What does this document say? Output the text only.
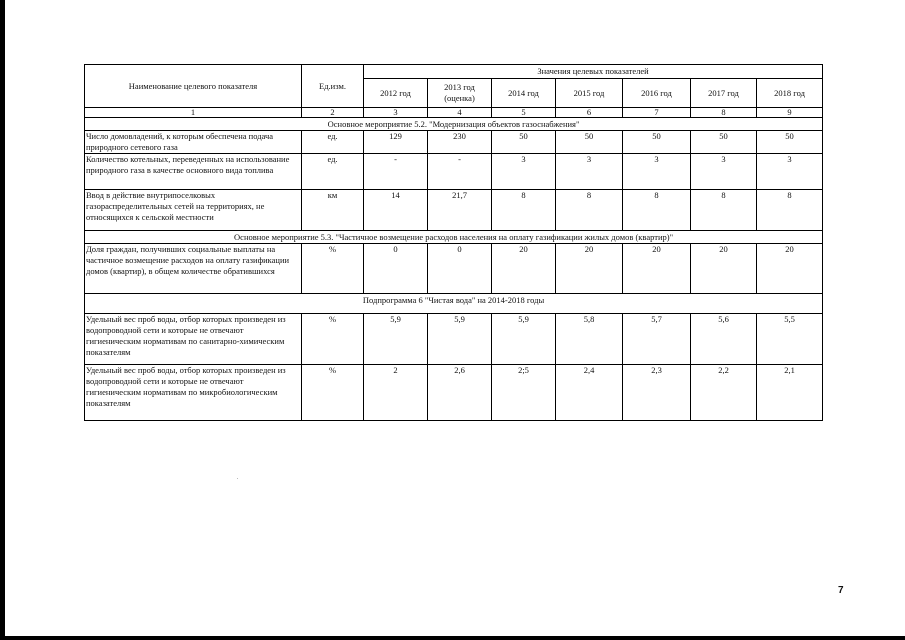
Наименование целевого показателя	Ед.изм.	Значения целевых показателей						
		2012 год	2013 год (оценка)	2014 год	2015 год	2016 год	2017 год	2018 год
1	2	3	4	5	6	7	8	9
Основное мероприятие 5.2. "Модернизация объектов газоснабжения"								
Число домовладений, к которым обеспечена подача природного сетевого газа	ед.	129	230	50	50	50	50	50
Количество котельных, переведенных на использование природного газа в качестве основного вида топлива	ед.	-	-	3	3	3	3	3
Ввод в действие внутрипоселковых газораспределительных сетей на территориях, не относящихся к сельской местности	км	14	21,7	8	8	8	8	8
Основное мероприятие 5.3. "Частичное возмещение расходов населения на оплату газификации жилых домов (квартир)"								
Доля граждан, получивших социальные выплаты на частичное возмещение расходов на оплату газификации домов (квартир), в общем количестве обратившихся	%	0	0	20	20	20	20	20
Подпрограмма 6 "Чистая вода" на 2014-2018 годы								
Удельный вес проб воды, отбор которых произведен из водопроводной сети и которые не отвечают гигиеническим нормативам по санитарно-химическим показателям	%	5,9	5,9	5,9	5,8	5,7	5,6	5,5
Удельный вес проб воды, отбор которых произведен из водопроводной сети и которые не отвечают гигиеническим нормативам по микробиологическим показателям	%	2	2,6	2;5	2,4	2,3	2,2	2,1
7
